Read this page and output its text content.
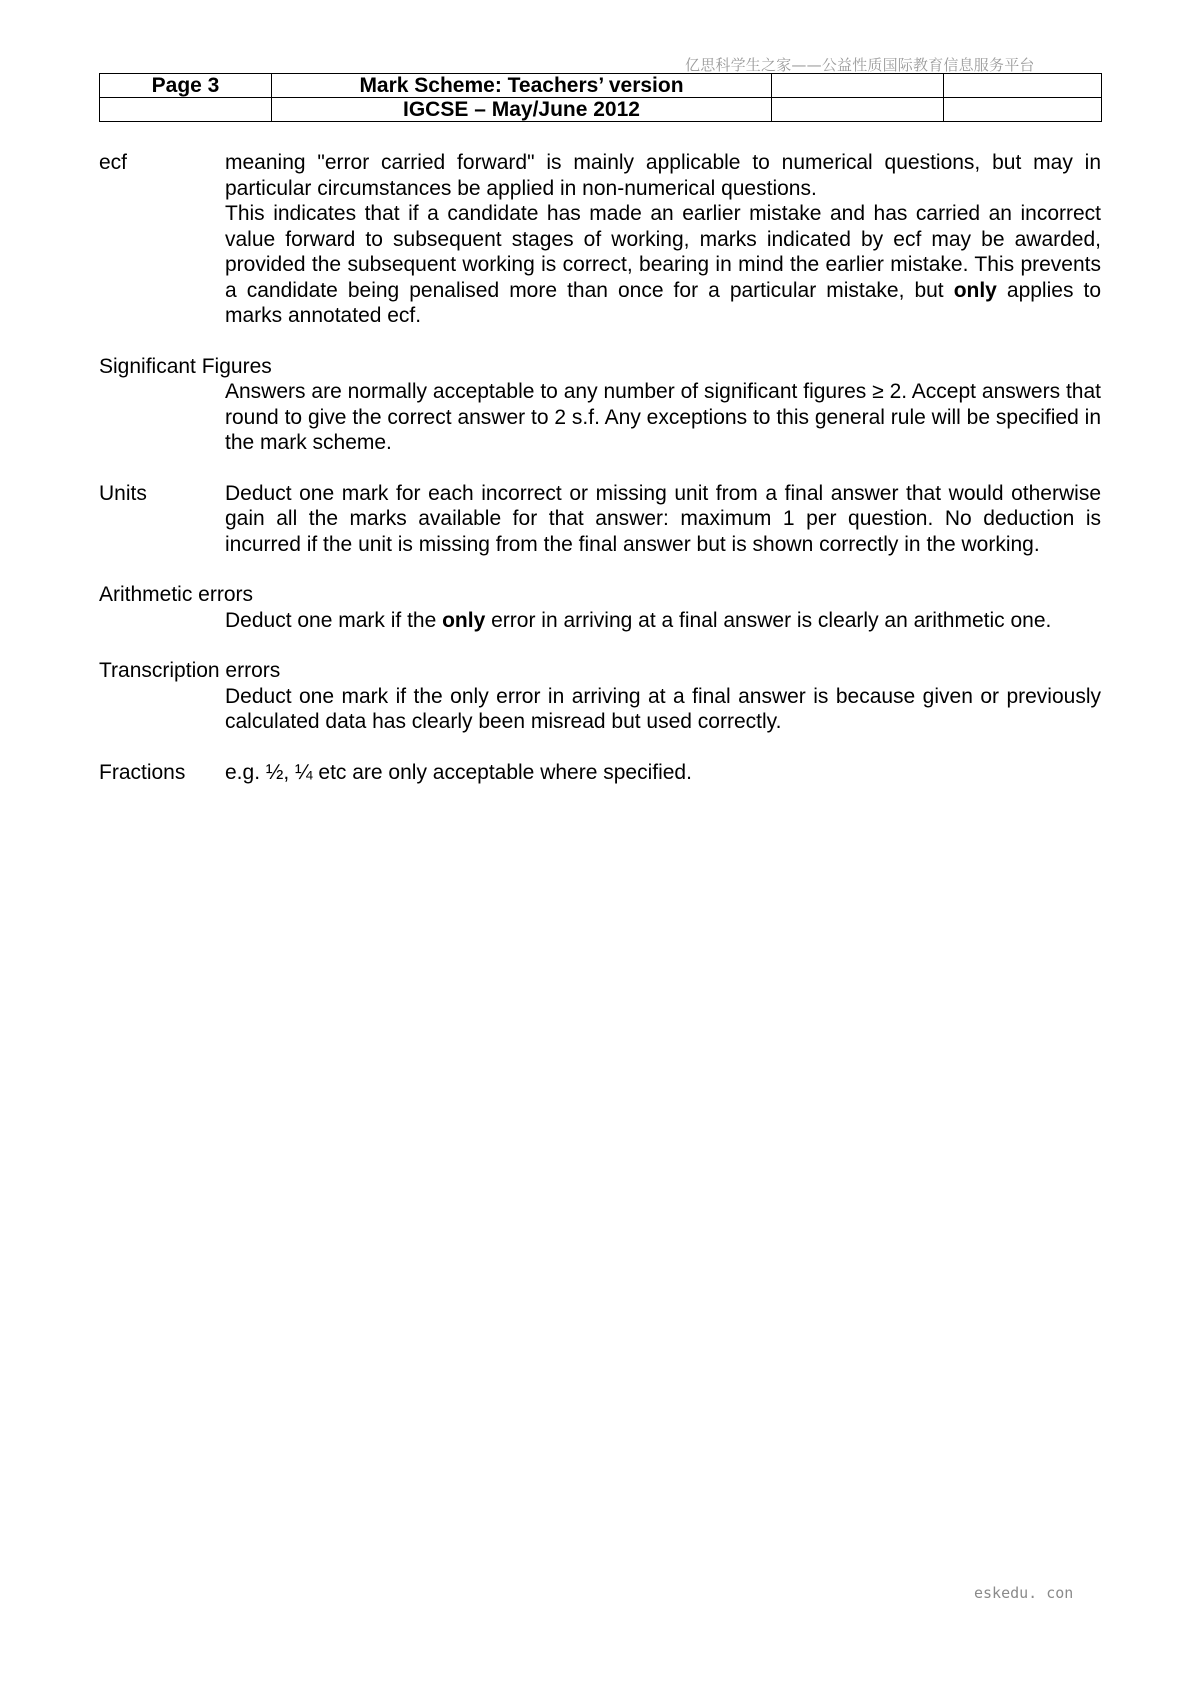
亿思科学生之家——公益性质国际教育信息服务平台
Page 3	Mark Scheme: Teachers’ version		
	IGCSE – May/June 2012		
ecf	meaning "error carried forward" is mainly applicable to numerical questions, but may in particular circumstances be applied in non-numerical questions.

This indicates that if a candidate has made an earlier mistake and has carried an incorrect value forward to subsequent stages of working, marks indicated by ecf may be awarded, provided the subsequent working is correct, bearing in mind the earlier mistake. This prevents a candidate being penalised more than once for a particular mistake, but only applies to marks annotated ecf.

Significant Figures

Answers are normally acceptable to any number of significant figures ≥ 2. Accept answers that round to give the correct answer to 2 s.f. Any exceptions to this general rule will be specified in the mark scheme.

Units	Deduct one mark for each incorrect or missing unit from a final answer that would otherwise gain all the marks available for that answer: maximum 1 per question. No deduction is incurred if the unit is missing from the final answer but is shown correctly in the working.

Arithmetic errors

Deduct one mark if the only error in arriving at a final answer is clearly an arithmetic one.

Transcription errors

Deduct one mark if the only error in arriving at a final answer is because given or previously calculated data has clearly been misread but used correctly.

Fractions e.g. ½, ¼ etc are only acceptable where specified.

eskedu. con
